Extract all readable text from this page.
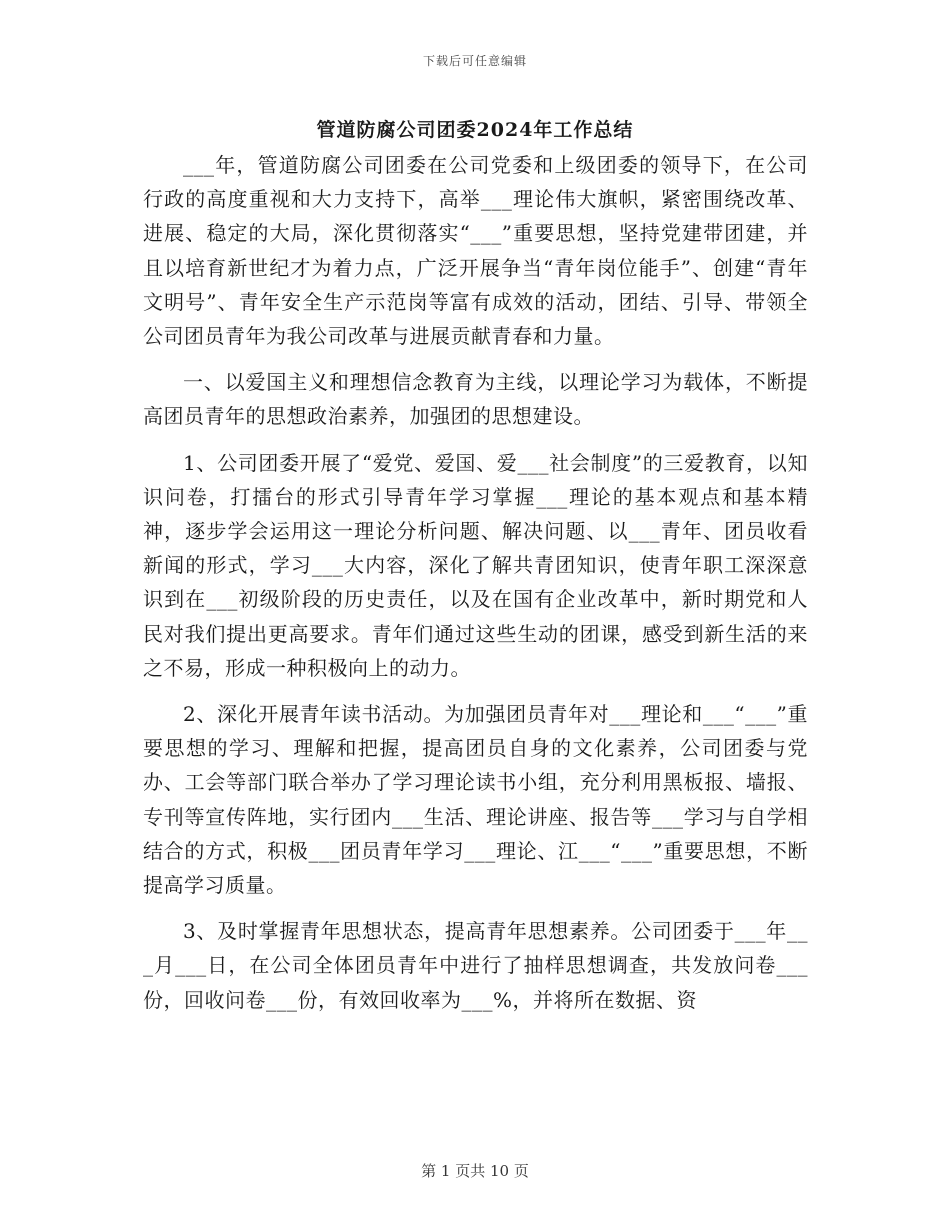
下载后可任意编辑
管道防腐公司团委2024年工作总结

___年，管道防腐公司团委在公司党委和上级团委的领导下，在公司行政的高度重视和大力支持下，高举___理论伟大旗帜，紧密围绕改革、进展、稳定的大局，深化贯彻落实“___”重要思想，坚持党建带团建，并且以培育新世纪才为着力点，广泛开展争当“青年岗位能手”、创建“青年文明号”、青年安全生产示范岗等富有成效的活动，团结、引导、带领全公司团员青年为我公司改革与进展贡献青春和力量。

一、以爱国主义和理想信念教育为主线，以理论学习为载体，不断提高团员青年的思想政治素养，加强团的思想建设。

1、公司团委开展了“爱党、爱国、爱___社会制度”的三爱教育，以知识问卷，打擂台的形式引导青年学习掌握___理论的基本观点和基本精神，逐步学会运用这一理论分析问题、解决问题、以___青年、团员收看新闻的形式，学习___大内容，深化了解共青团知识，使青年职工深深意识到在___初级阶段的历史责任，以及在国有企业改革中，新时期党和人民对我们提出更高要求。青年们通过这些生动的团课，感受到新生活的来之不易，形成一种积极向上的动力。

2、深化开展青年读书活动。为加强团员青年对___理论和___“___”重要思想的学习、理解和把握，提高团员自身的文化素养，公司团委与党办、工会等部门联合举办了学习理论读书小组，充分利用黑板报、墙报、专刊等宣传阵地，实行团内___生活、理论讲座、报告等___学习与自学相结合的方式，积极___团员青年学习___理论、江___“___”重要思想，不断提高学习质量。

3、及时掌握青年思想状态，提高青年思想素养。公司团委于___年___月___日，在公司全体团员青年中进行了抽样思想调查，共发放问卷___份，回收问卷___份，有效回收率为___%，并将所在数据、资

第 1 页共 10 页
